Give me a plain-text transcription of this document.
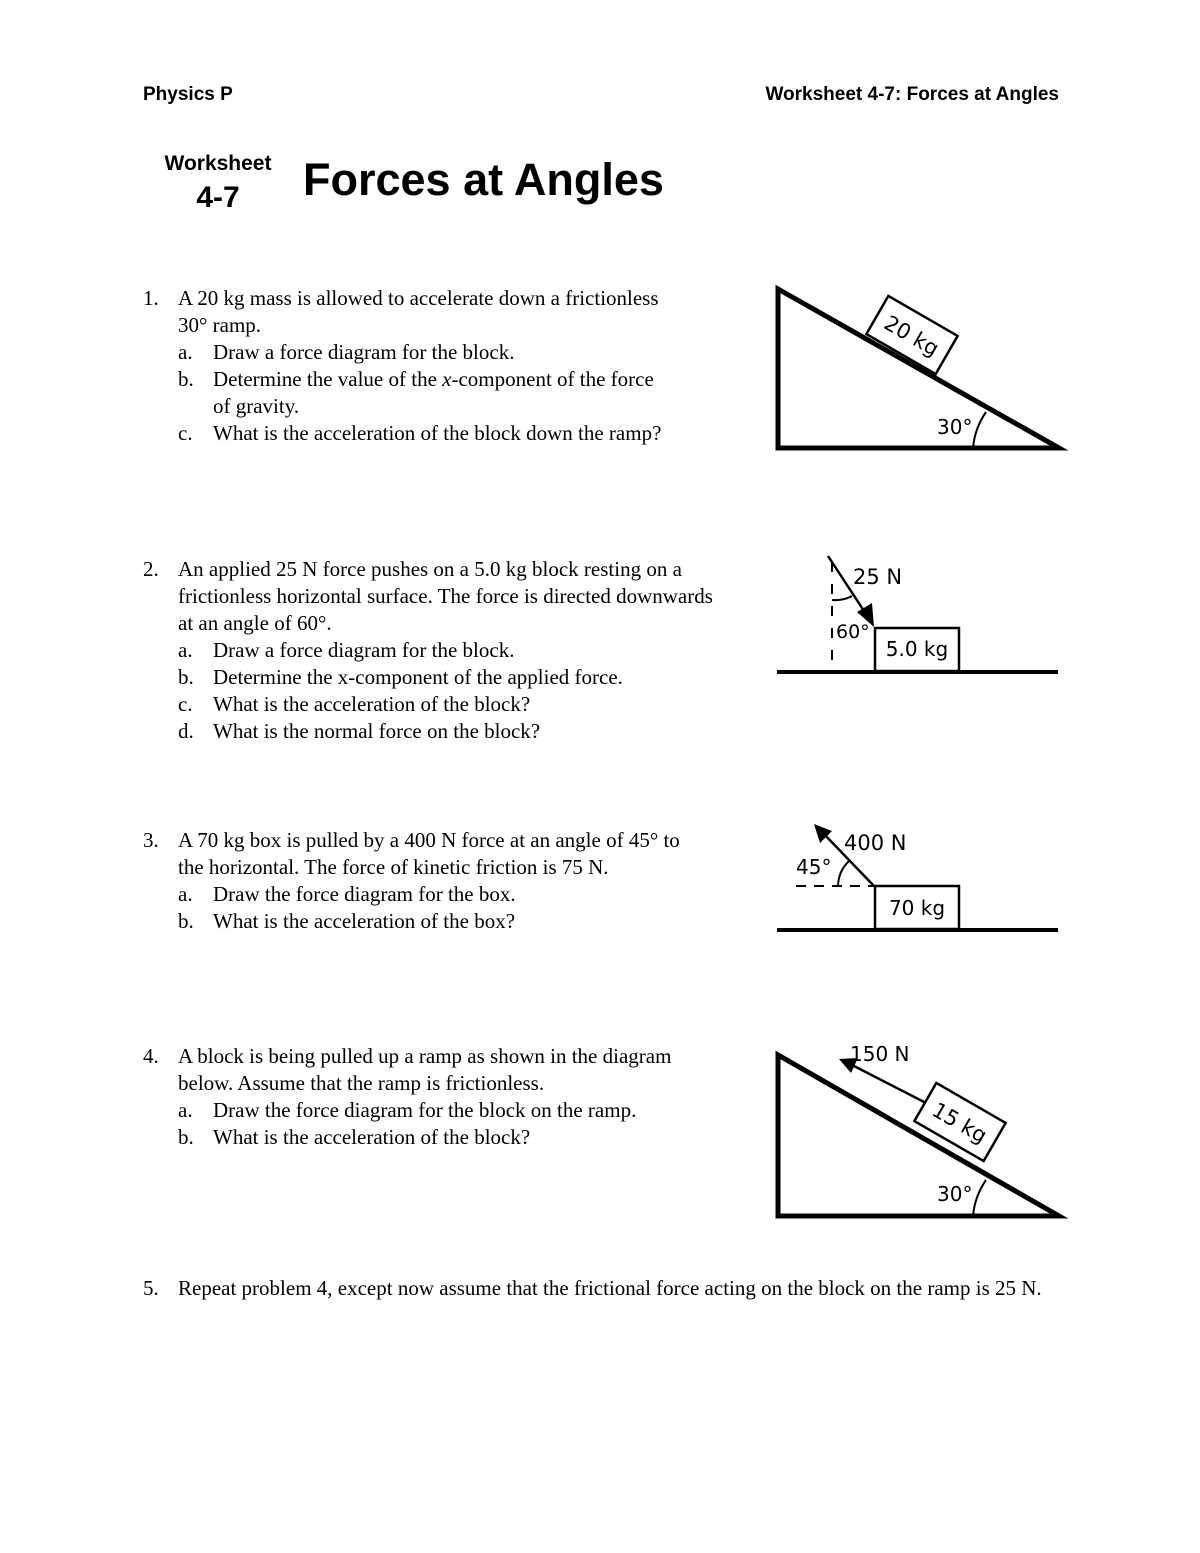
Physics P	Worksheet 4-7: Forces at Angles
Worksheet
4-7	Forces at Angles
1. A 20 kg mass is allowed to accelerate down a frictionless 30° ramp.
a. Draw a force diagram for the block.
b. Determine the value of the x-component of the force of gravity.
c. What is the acceleration of the block down the ramp?
20 kg
30°
2. An applied 25 N force pushes on a 5.0 kg block resting on a frictionless horizontal surface. The force is directed downwards at an angle of 60°.
a. Draw a force diagram for the block.
b. Determine the x-component of the applied force.
c. What is the acceleration of the block?
d. What is the normal force on the block?
25 N
60°
5.0 kg
3. A 70 kg box is pulled by a 400 N force at an angle of 45° to the horizontal. The force of kinetic friction is 75 N.
a. Draw the force diagram for the box.
b. What is the acceleration of the box?
400 N
45°
70 kg
4. A block is being pulled up a ramp as shown in the diagram below. Assume that the ramp is frictionless.
a. Draw the force diagram for the block on the ramp.
b. What is the acceleration of the block?
150 N
15 kg
30°
5. Repeat problem 4, except now assume that the frictional force acting on the block on the ramp is 25 N.
